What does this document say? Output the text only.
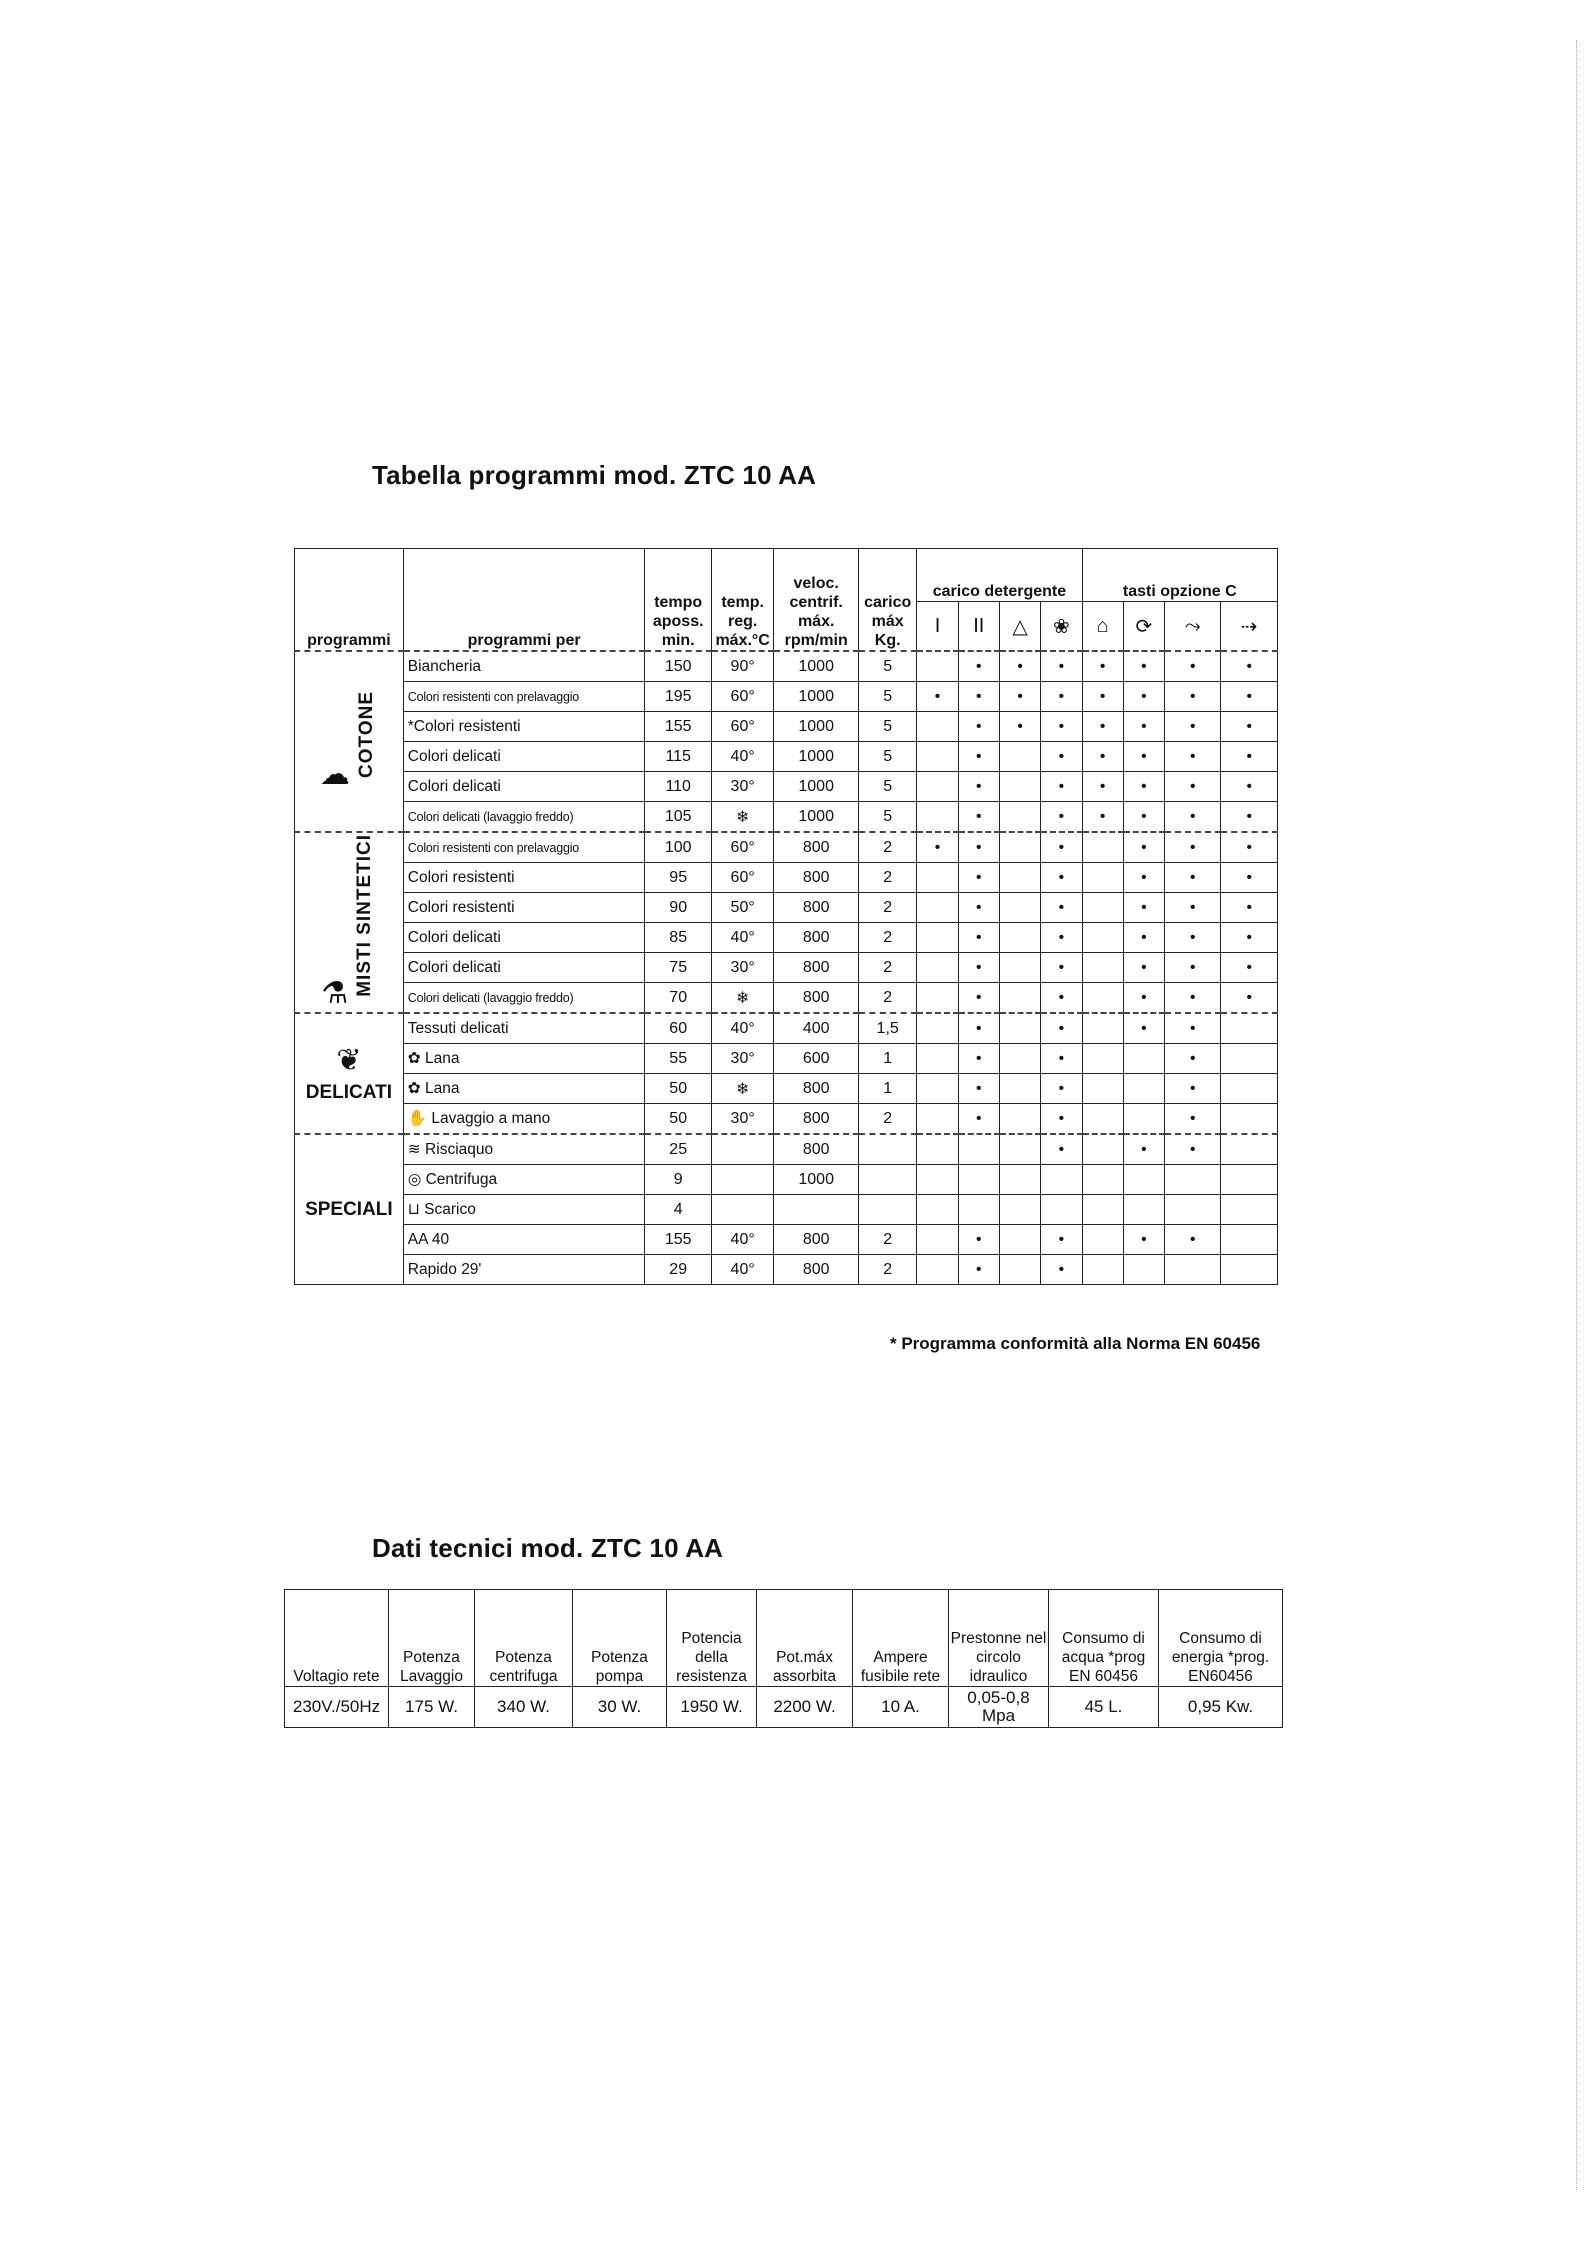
Tabella programmi mod. ZTC 10 AA
programmi	programmi per	tempo
aposs.
min.	temp.
reg.
máx.°C	veloc.
centrif.
máx.
rpm/min	carico
máx
Kg.	carico detergente				tasti opzione C			
						I	II	△	❀	⌂	⟳	⤳	⇢
☁ COTONE	Biancheria	150	90°	1000	5		•	•	•	•	•	•	•
	Colori resistenti con prelavaggio	195	60°	1000	5	•	•	•	•	•	•	•	•
	*Colori resistenti	155	60°	1000	5		•	•	•	•	•	•	•
	Colori delicati	115	40°	1000	5		•		•	•	•	•	•
	Colori delicati	110	30°	1000	5		•		•	•	•	•	•
	Colori delicati (lavaggio freddo)	105	❄	1000	5		•		•	•	•	•	•
⚗ MISTI SINTETICI	Colori resistenti con prelavaggio	100	60°	800	2	•	•		•		•	•	•
	Colori resistenti	95	60°	800	2		•		•		•	•	•
	Colori resistenti	90	50°	800	2		•		•		•	•	•
	Colori delicati	85	40°	800	2		•		•		•	•	•
	Colori delicati	75	30°	800	2		•		•		•	•	•
	Colori delicati (lavaggio freddo)	70	❄	800	2		•		•		•	•	•

❦
DELICATI	Tessuti delicati	60	40°	400	1,5		•		•		•	•	
	✿ Lana	55	30°	600	1		•		•			•	
	✿ Lana	50	❄	800	1		•		•			•	
	✋ Lavaggio a mano	50	30°	800	2		•		•			•	
SPECIALI	≋ Risciaquo	25		800					•		•	•	
	◎ Centrifuga	9		1000									
	⊔ Scarico	4											
	AA 40	155	40°	800	2		•		•		•	•	
	Rapido 29'	29	40°	800	2		•		•				
* Programma conformità alla Norma EN 60456
Dati tecnici mod. ZTC 10 AA
Voltagio rete	Potenza Lavaggio	Potenza centrifuga	Potenza pompa	Potencia della resistenza	Pot.máx assorbita	Ampere fusibile rete	Prestonne nel circolo idraulico	Consumo di acqua *prog EN 60456	Consumo di energia *prog. EN60456
230V./50Hz	175 W.	340 W.	30 W.	1950 W.	2200 W.	10 A.	0,05-0,8 Mpa	45 L.	0,95 Kw.
